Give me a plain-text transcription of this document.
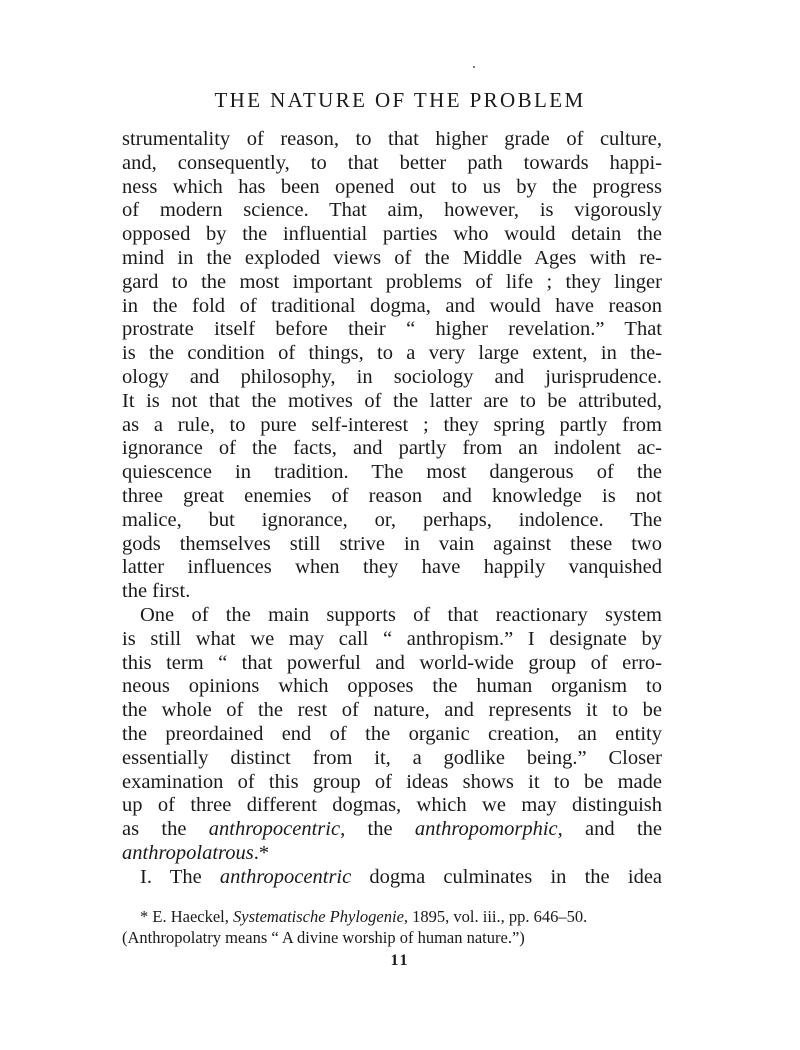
THE NATURE OF THE PROBLEM
strumentality of reason, to that higher grade of culture,
and, consequently, to that better path towards happi-
ness which has been opened out to us by the progress
of modern science. That aim, however, is vigorously
opposed by the influential parties who would detain the
mind in the exploded views of the Middle Ages with re-
gard to the most important problems of life ; they linger
in the fold of traditional dogma, and would have reason
prostrate itself before their “ higher revelation.” That
is the condition of things, to a very large extent, in the-
ology and philosophy, in sociology and jurisprudence.
It is not that the motives of the latter are to be attributed,
as a rule, to pure self-interest ; they spring partly from
ignorance of the facts, and partly from an indolent ac-
quiescence in tradition. The most dangerous of the
three great enemies of reason and knowledge is not
malice, but ignorance, or, perhaps, indolence. The
gods themselves still strive in vain against these two
latter influences when they have happily vanquished
the first.
One of the main supports of that reactionary system
is still what we may call “ anthropism.” I designate by
this term “ that powerful and world-wide group of erro-
neous opinions which opposes the human organism to
the whole of the rest of nature, and represents it to be
the preordained end of the organic creation, an entity
essentially distinct from it, a godlike being.” Closer
examination of this group of ideas shows it to be made
up of three different dogmas, which we may distinguish
as the anthropocentric, the anthropomorphic, and the
anthropolatrous.*
I. The anthropocentric dogma culminates in the idea
* E. Haeckel, Systematische Phylogenie, 1895, vol. iii., pp. 646–50.
(Anthropolatry means “ A divine worship of human nature.”)
11
